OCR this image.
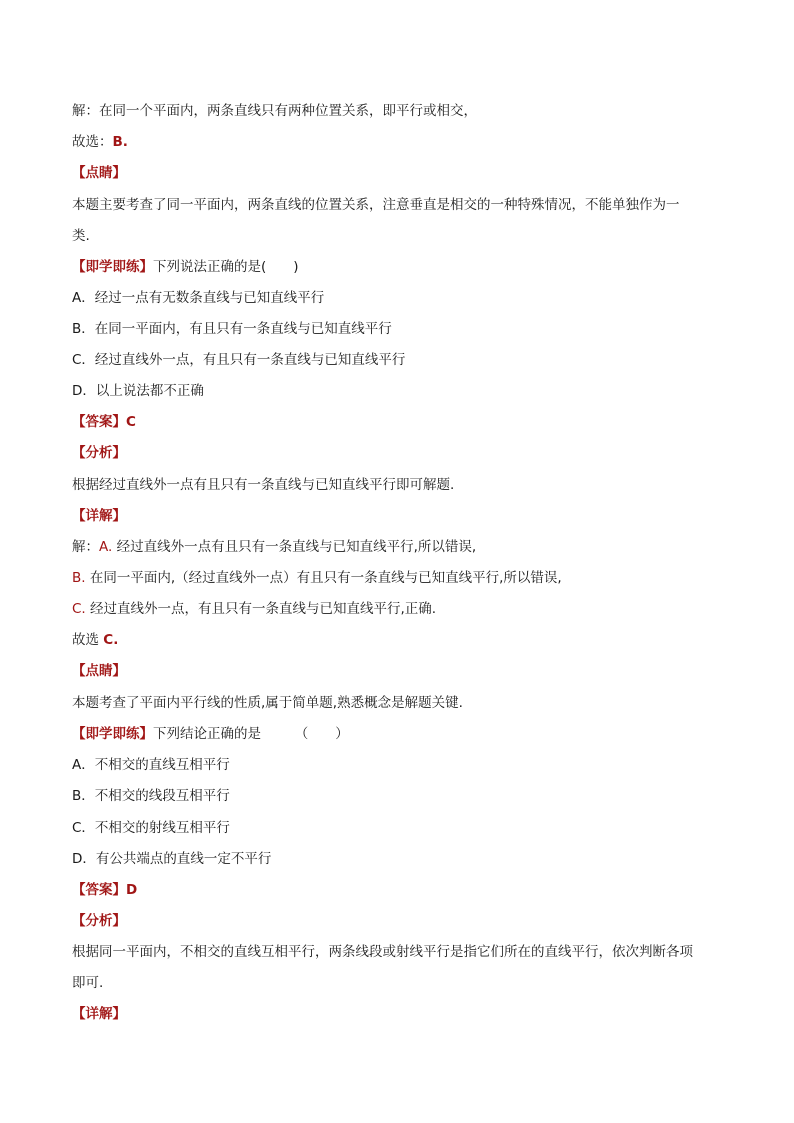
解：在同一个平面内，两条直线只有两种位置关系，即平行或相交，
故选：B.
【点睛】
本题主要考查了同一平面内，两条直线的位置关系，注意垂直是相交的一种特殊情况，不能单独作为一
类.
【即学即练】下列说法正确的是(　　)
A．经过一点有无数条直线与已知直线平行
B．在同一平面内，有且只有一条直线与已知直线平行
C．经过直线外一点，有且只有一条直线与已知直线平行
D．以上说法都不正确
【答案】C
【分析】
根据经过直线外一点有且只有一条直线与已知直线平行即可解题.
【详解】
解：A. 经过直线外一点有且只有一条直线与已知直线平行,所以错误,
B. 在同一平面内,（经过直线外一点）有且只有一条直线与已知直线平行,所以错误,
C. 经过直线外一点，有且只有一条直线与已知直线平行,正确.
故选 C.
【点睛】
本题考查了平面内平行线的性质,属于简单题,熟悉概念是解题关键.
【即学即练】下列结论正确的是　　　（　　）
A．不相交的直线互相平行
B．不相交的线段互相平行
C．不相交的射线互相平行
D．有公共端点的直线一定不平行
【答案】D
【分析】
根据同一平面内，不相交的直线互相平行，两条线段或射线平行是指它们所在的直线平行，依次判断各项
即可.
【详解】
